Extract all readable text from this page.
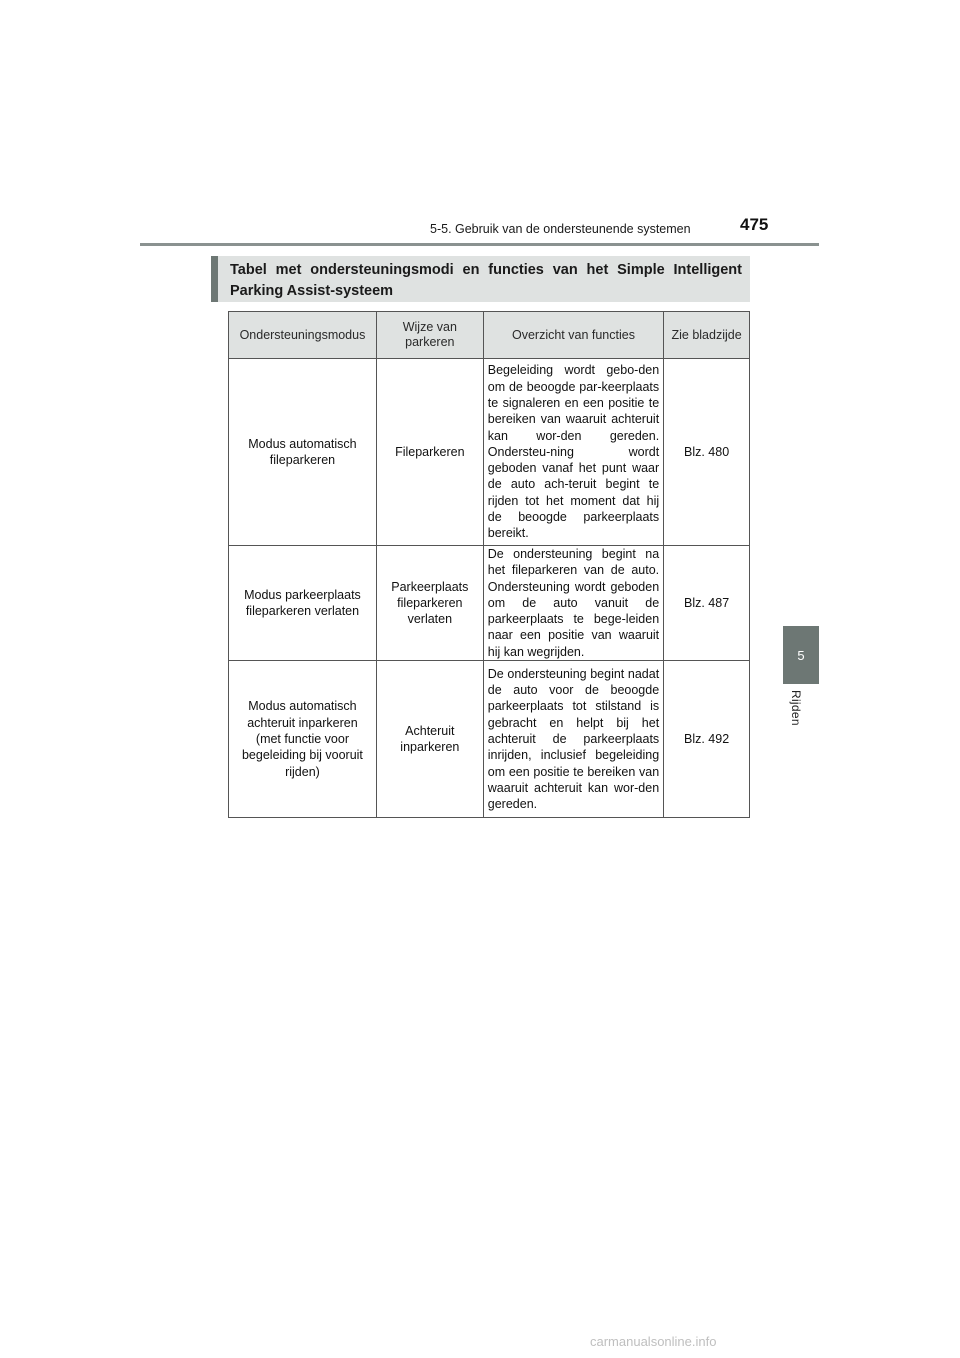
5-5. Gebruik van de ondersteunende systemen	475
5
Rijden
Tabel met ondersteuningsmodi en functies van het Simple Intelligent Parking Assist-systeem
Ondersteuningsmodus	Wijze van parkeren	Overzicht van functies	Zie bladzijde
Modus automatisch fileparkeren	Fileparkeren	Begeleiding wordt gebo-den om de beoogde par-keerplaats te signaleren en een positie te bereiken van waaruit achteruit kan wor-den gereden. Ondersteu-ning wordt geboden vanaf het punt waar de auto ach-teruit begint te rijden tot het moment dat hij de beoogde parkeerplaats bereikt.	Blz. 480
Modus parkeerplaats fileparkeren verlaten	Parkeerplaats fileparkeren verlaten	De ondersteuning begint na het fileparkeren van de auto. Ondersteuning wordt geboden om de auto vanuit de parkeerplaats te bege-leiden naar een positie van waaruit hij kan wegrijden.	Blz. 487
Modus automatisch achteruit inparkeren (met functie voor begeleiding bij vooruit rijden)	Achteruit inparkeren	De ondersteuning begint nadat de auto voor de beoogde parkeerplaats tot stilstand is gebracht en helpt bij het achteruit de parkeerplaats inrijden, inclusief begeleiding om een positie te bereiken van waaruit achteruit kan wor-den gereden.	Blz. 492
carmanualsonline.info
